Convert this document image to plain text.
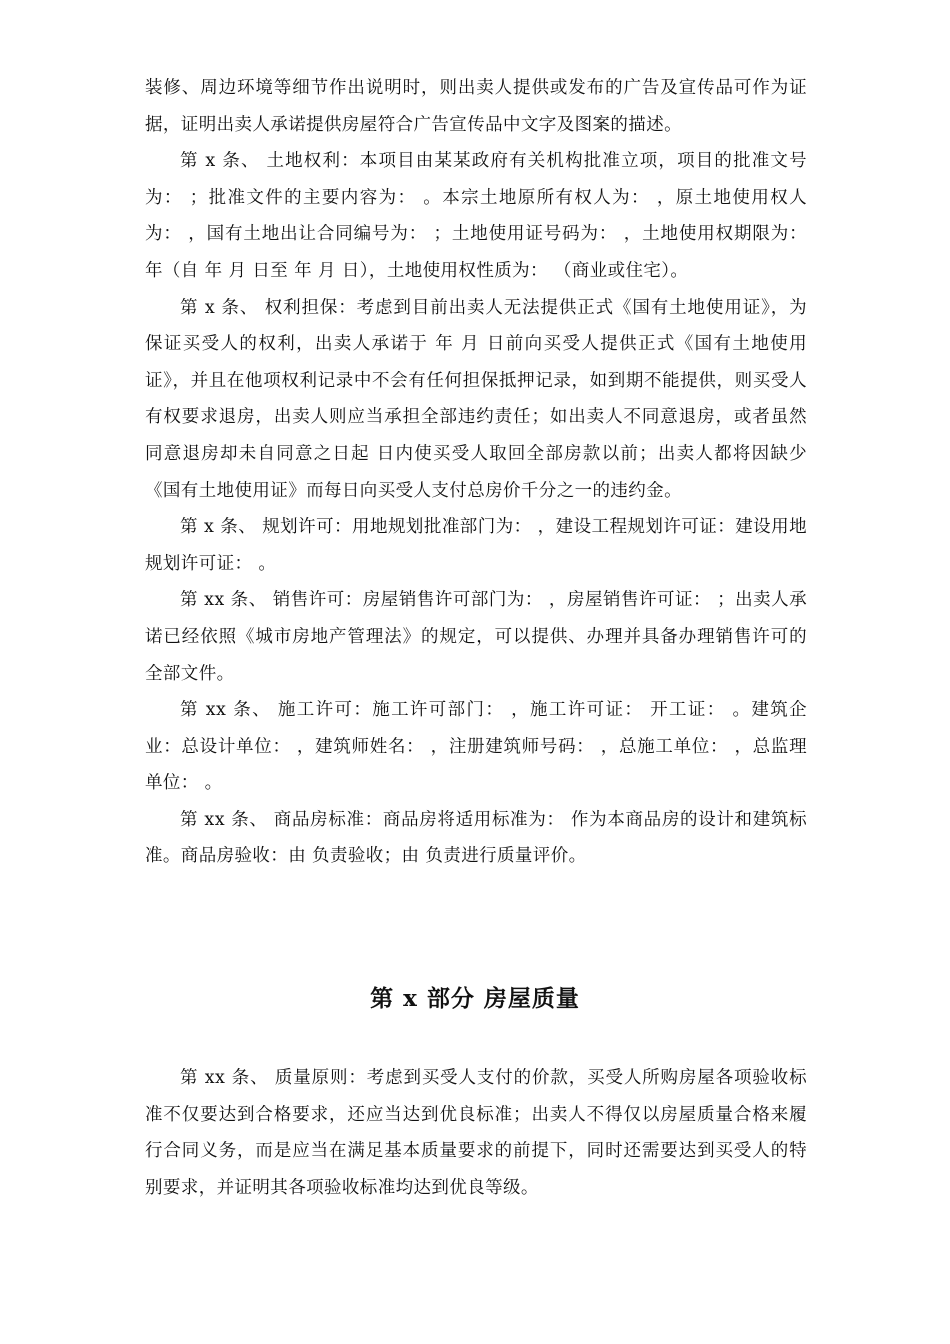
装修、周边环境等细节作出说明时，则出卖人提供或发布的广告及宣传品可作为证据，证明出卖人承诺提供房屋符合广告宣传品中文字及图案的描述。

第 x 条、 土地权利：本项目由某某政府有关机构批准立项，项目的批准文号为： ；批准文件的主要内容为： 。本宗土地原所有权人为： ，原土地使用权人为： ，国有土地出让合同编号为： ；土地使用证号码为： ，土地使用权期限为： 年（自 年 月 日至 年 月 日），土地使用权性质为： （商业或住宅）。

第 x 条、 权利担保：考虑到目前出卖人无法提供正式《国有土地使用证》，为保证买受人的权利，出卖人承诺于 年 月 日前向买受人提供正式《国有土地使用证》，并且在他项权利记录中不会有任何担保抵押记录，如到期不能提供，则买受人有权要求退房，出卖人则应当承担全部违约责任；如出卖人不同意退房，或者虽然同意退房却未自同意之日起 日内使买受人取回全部房款以前；出卖人都将因缺少《国有土地使用证》而每日向买受人支付总房价千分之一的违约金。

第 x 条、 规划许可：用地规划批准部门为： ，建设工程规划许可证：建设用地规划许可证： 。

第 xx 条、 销售许可：房屋销售许可部门为： ，房屋销售许可证： ；出卖人承诺已经依照《城市房地产管理法》的规定，可以提供、办理并具备办理销售许可的全部文件。

第 xx 条、 施工许可：施工许可部门： ，施工许可证： 开工证： 。建筑企业：总设计单位： ，建筑师姓名： ，注册建筑师号码： ，总施工单位： ，总监理单位： 。

第 xx 条、 商品房标准：商品房将适用标准为： 作为本商品房的设计和建筑标准。商品房验收：由 负责验收；由 负责进行质量评价。

第 x 部分 房屋质量

第 xx 条、 质量原则：考虑到买受人支付的价款，买受人所购房屋各项验收标准不仅要达到合格要求，还应当达到优良标准；出卖人不得仅以房屋质量合格来履行合同义务，而是应当在满足基本质量要求的前提下，同时还需要达到买受人的特别要求，并证明其各项验收标准均达到优良等级。
